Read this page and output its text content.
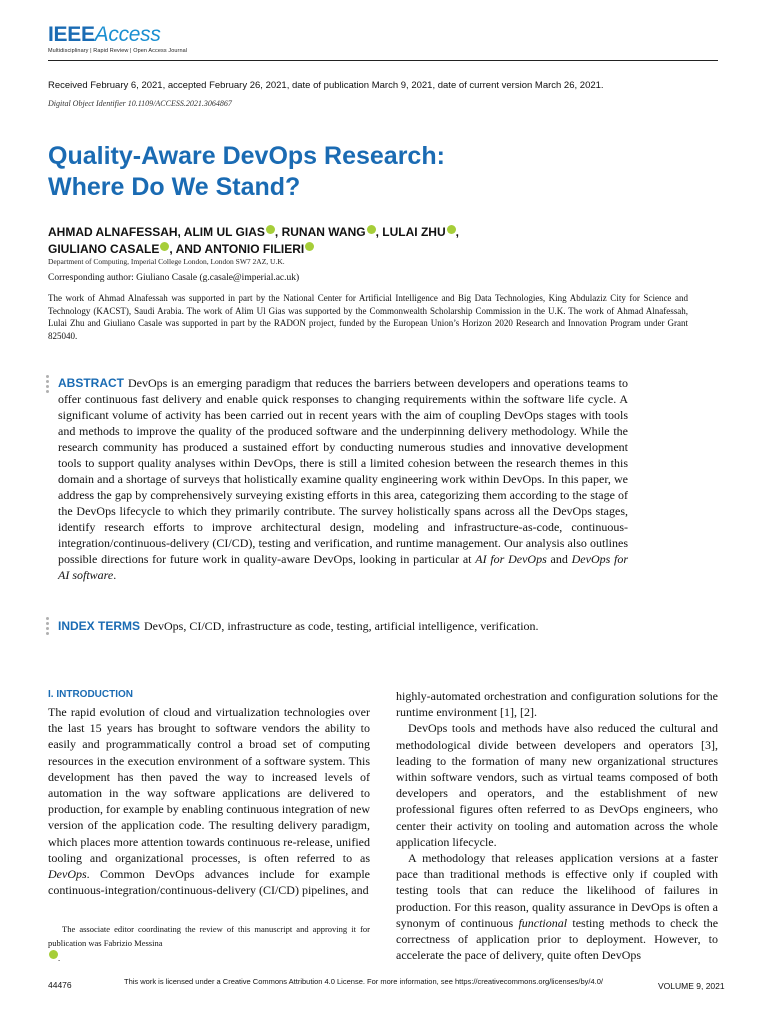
IEEEAccess
Multidisciplinary | Rapid Review | Open Access Journal
Received February 6, 2021, accepted February 26, 2021, date of publication March 9, 2021, date of current version March 26, 2021.
Digital Object Identifier 10.1109/ACCESS.2021.3064867
Quality-Aware DevOps Research:
Where Do We Stand?
AHMAD ALNAFESSAH, ALIM UL GIAS , RUNAN WANG , LULAI ZHU ,
GIULIANO CASALE , AND ANTONIO FILIERI
Department of Computing, Imperial College London, London SW7 2AZ, U.K.
Corresponding author: Giuliano Casale (g.casale@imperial.ac.uk)

The work of Ahmad Alnafessah was supported in part by the National Center for Artificial Intelligence and Big Data Technologies, King Abdulaziz City for Science and Technology (KACST), Saudi Arabia. The work of Alim Ul Gias was supported by the Commonwealth Scholarship Commission in the U.K. The work of Ahmad Alnafessah, Lulai Zhu and Giuliano Casale was supported in part by the RADON project, funded by the European Union’s Horizon 2020 Research and Innovation Program under Grant 825040.

ABSTRACT DevOps is an emerging paradigm that reduces the barriers between developers and operations teams to offer continuous fast delivery and enable quick responses to changing requirements within the software life cycle. A significant volume of activity has been carried out in recent years with the aim of coupling DevOps stages with tools and methods to improve the quality of the produced software and the underpinning delivery methodology. While the research community has produced a sustained effort by conducting numerous studies and innovative development tools to support quality analyses within DevOps, there is still a limited cohesion between the research themes in this domain and a shortage of surveys that holistically examine quality engineering work within DevOps. In this paper, we address the gap by comprehensively surveying existing efforts in this area, categorizing them according to the stage of the DevOps lifecycle to which they primarily contribute. The survey holistically spans across all the DevOps stages, identify research efforts to improve architectural design, modeling and infrastructure-as-code, continuous-integration/continuous-delivery (CI/CD), testing and verification, and runtime management. Our analysis also outlines possible directions for future work in quality-aware DevOps, looking in particular at AI for DevOps and DevOps for AI software.

INDEX TERMS DevOps, CI/CD, infrastructure as code, testing, artificial intelligence, verification.

I. INTRODUCTION

The rapid evolution of cloud and virtualization technologies over the last 15 years has brought to software vendors the ability to easily and programmatically control a broad set of computing resources in the execution environment of a software system. This development has then paved the way to increased levels of automation in the way software applications are delivered to production, for example by enabling continuous integration of new version of the application code. The resulting delivery paradigm, which places more attention towards continuous re-release, unified tooling and organizational processes, is often referred to as DevOps. Common DevOps advances include for example continuous-integration/continuous-delivery (CI/CD) pipelines, and

The associate editor coordinating the review of this manuscript and approving it for publication was Fabrizio Messina.

highly-automated orchestration and configuration solutions for the runtime environment [1], [2].

DevOps tools and methods have also reduced the cultural and methodological divide between developers and operators [3], leading to the formation of many new organizational structures within software vendors, such as virtual teams composed of both developers and operators, and the establishment of new professional figures often referred to as DevOps engineers, who center their activity on tooling and automation across the whole application lifecycle.

A methodology that releases application versions at a faster pace than traditional methods is effective only if coupled with testing tools that can reduce the likelihood of failures in production. For this reason, quality assurance in DevOps is often a synonym of continuous functional testing methods to check the correctness of application prior to deployment. However, to accelerate the pace of delivery, quite often DevOps

44476	This work is licensed under a Creative Commons Attribution 4.0 License. For more information, see https://creativecommons.org/licenses/by/4.0/	VOLUME 9, 2021
